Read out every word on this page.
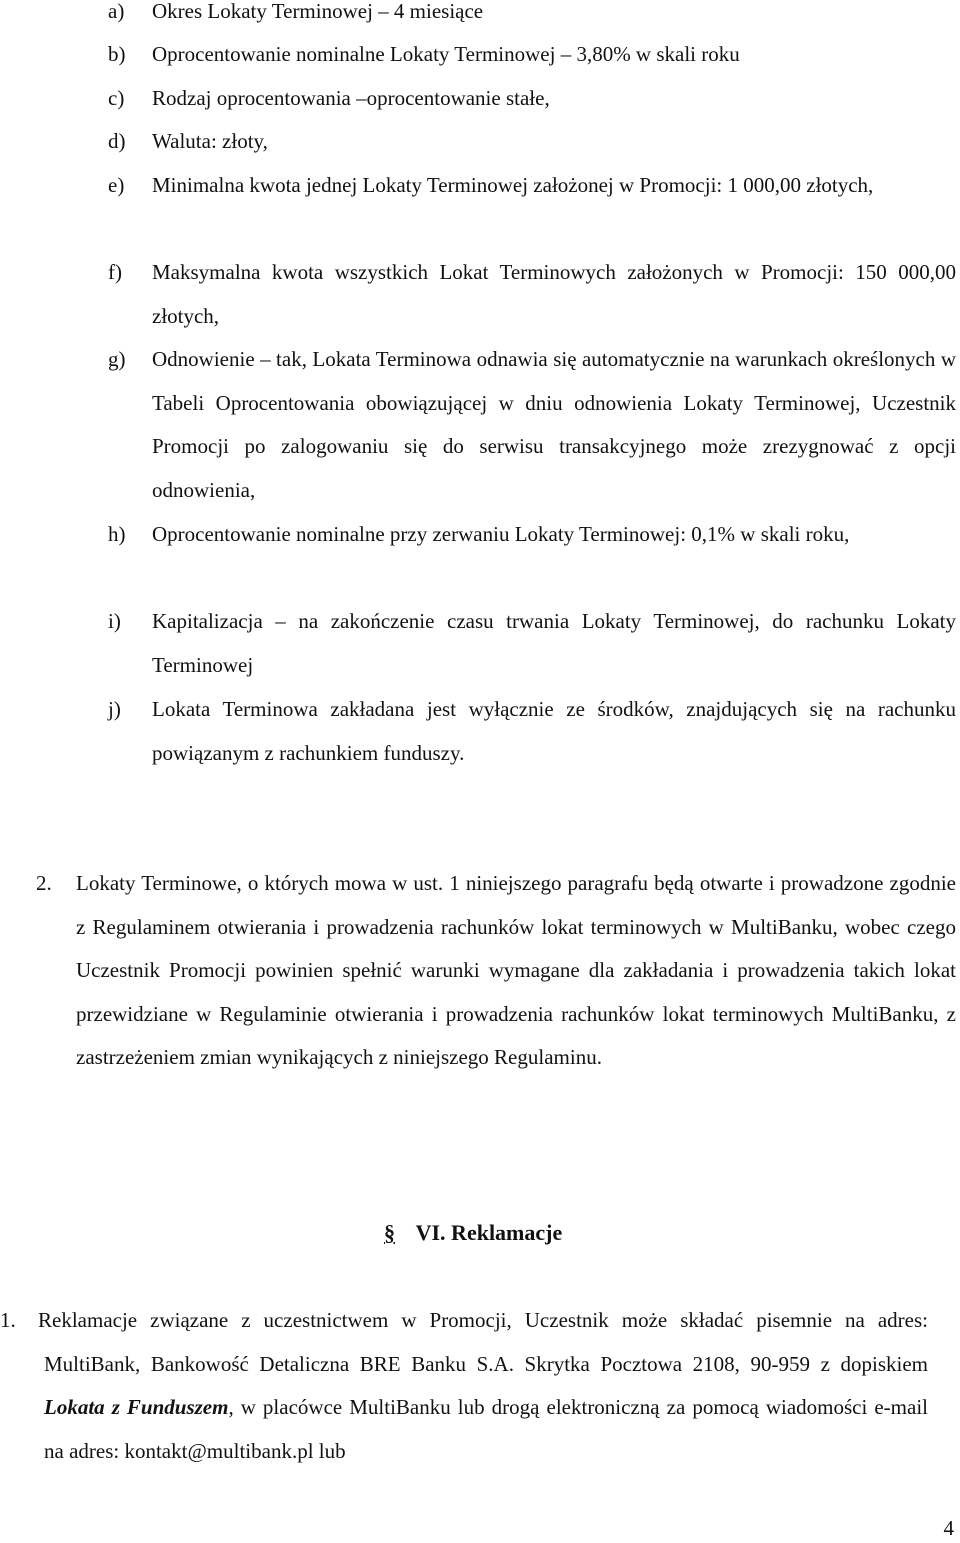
a)	Okres Lokaty Terminowej – 4 miesiące
b)	Oprocentowanie nominalne Lokaty Terminowej – 3,80% w skali roku
c)	Rodzaj oprocentowania –oprocentowanie stałe,
d)	Waluta: złoty,
e)	Minimalna kwota jednej Lokaty Terminowej założonej w Promocji: 1 000,00 złotych,
f)	Maksymalna kwota wszystkich Lokat Terminowych założonych w Promocji: 150 000,00 złotych,
g)	Odnowienie – tak, Lokata Terminowa odnawia się automatycznie na warunkach określonych w Tabeli Oprocentowania obowiązującej w dniu odnowienia Lokaty Terminowej, Uczestnik Promocji po zalogowaniu się do serwisu transakcyjnego może zrezygnować z opcji odnowienia,
h)	Oprocentowanie nominalne przy zerwaniu Lokaty Terminowej: 0,1% w skali roku,
i)	Kapitalizacja – na zakończenie czasu trwania Lokaty Terminowej, do rachunku Lokaty Terminowej
j)	Lokata Terminowa zakładana jest wyłącznie ze środków, znajdujących się na rachunku powiązanym z rachunkiem funduszy.
2. Lokaty Terminowe, o których mowa w ust. 1 niniejszego paragrafu będą otwarte i prowadzone zgodnie z Regulaminem otwierania i prowadzenia rachunków lokat terminowych w MultiBanku, wobec czego Uczestnik Promocji powinien spełnić warunki wymagane dla zakładania i prowadzenia takich lokat przewidziane w Regulaminie otwierania i prowadzenia rachunków lokat terminowych MultiBanku, z zastrzeżeniem zmian wynikających z niniejszego Regulaminu.
§ VI. Reklamacje
1. Reklamacje związane z uczestnictwem w Promocji, Uczestnik może składać pisemnie na adres: MultiBank, Bankowość Detaliczna BRE Banku S.A. Skrytka Pocztowa 2108, 90-959 z dopiskiem Lokata z Funduszem, w placówce MultiBanku lub drogą elektroniczną za pomocą wiadomości e-mail na adres: kontakt@multibank.pl lub
4
